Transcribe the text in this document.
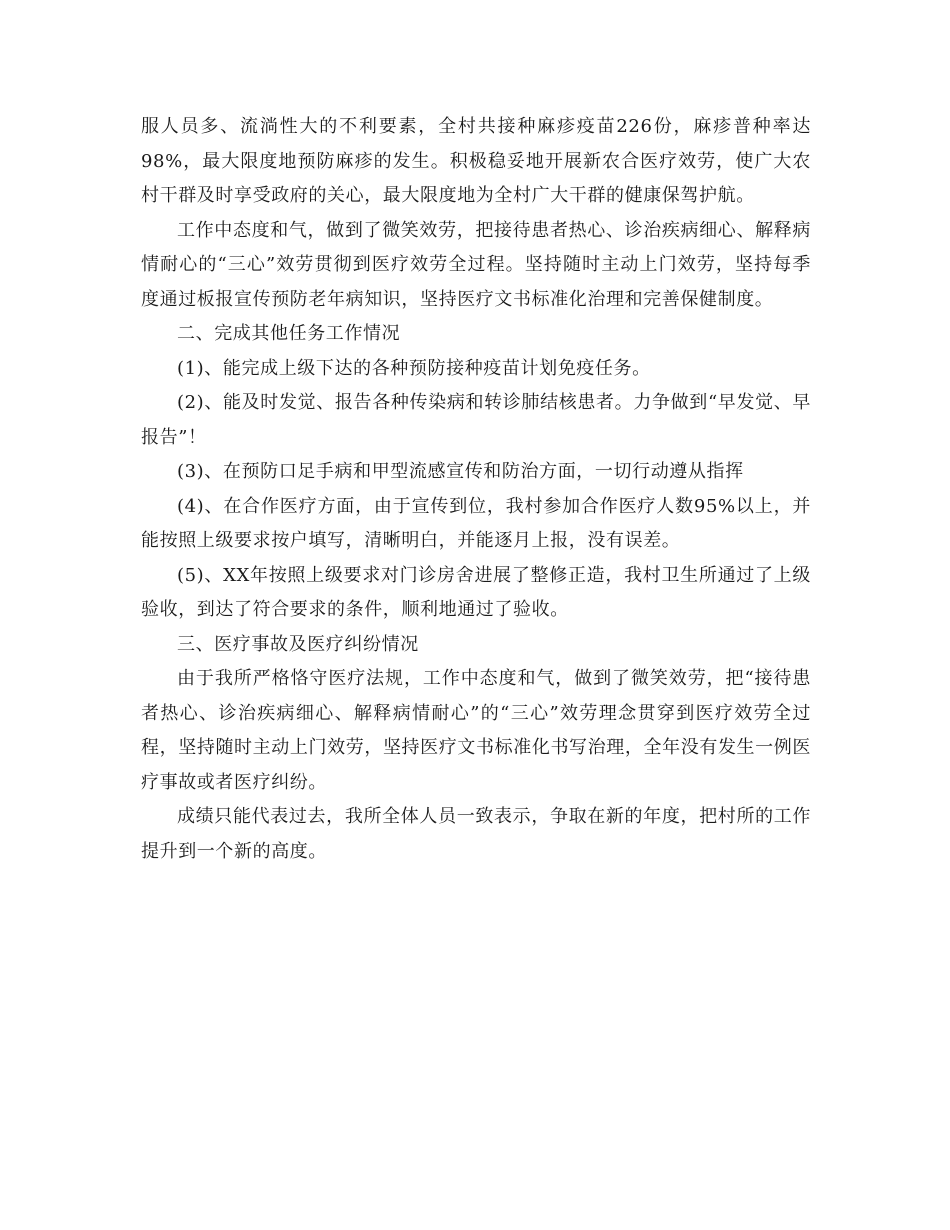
服人员多、流淌性大的不利要素，全村共接种麻疹疫苗226份，麻疹普种率达98%，最大限度地预防麻疹的发生。积极稳妥地开展新农合医疗效劳，使广大农村干群及时享受政府的关心，最大限度地为全村广大干群的健康保驾护航。

工作中态度和气，做到了微笑效劳，把接待患者热心、诊治疾病细心、解释病情耐心的“三心”效劳贯彻到医疗效劳全过程。坚持随时主动上门效劳，坚持每季度通过板报宣传预防老年病知识，坚持医疗文书标准化治理和完善保健制度。

二、完成其他任务工作情况

(1)、能完成上级下达的各种预防接种疫苗计划免疫任务。

(2)、能及时发觉、报告各种传染病和转诊肺结核患者。力争做到“早发觉、早报告”！

(3)、在预防口足手病和甲型流感宣传和防治方面，一切行动遵从指挥

(4)、在合作医疗方面，由于宣传到位，我村参加合作医疗人数95%以上，并能按照上级要求按户填写，清晰明白，并能逐月上报，没有误差。

(5)、XX年按照上级要求对门诊房舍进展了整修正造，我村卫生所通过了上级验收，到达了符合要求的条件，顺利地通过了验收。

三、医疗事故及医疗纠纷情况

由于我所严格恪守医疗法规，工作中态度和气，做到了微笑效劳，把“接待患者热心、诊治疾病细心、解释病情耐心”的“三心”效劳理念贯穿到医疗效劳全过程，坚持随时主动上门效劳，坚持医疗文书标准化书写治理，全年没有发生一例医疗事故或者医疗纠纷。

成绩只能代表过去，我所全体人员一致表示，争取在新的年度，把村所的工作提升到一个新的高度。
